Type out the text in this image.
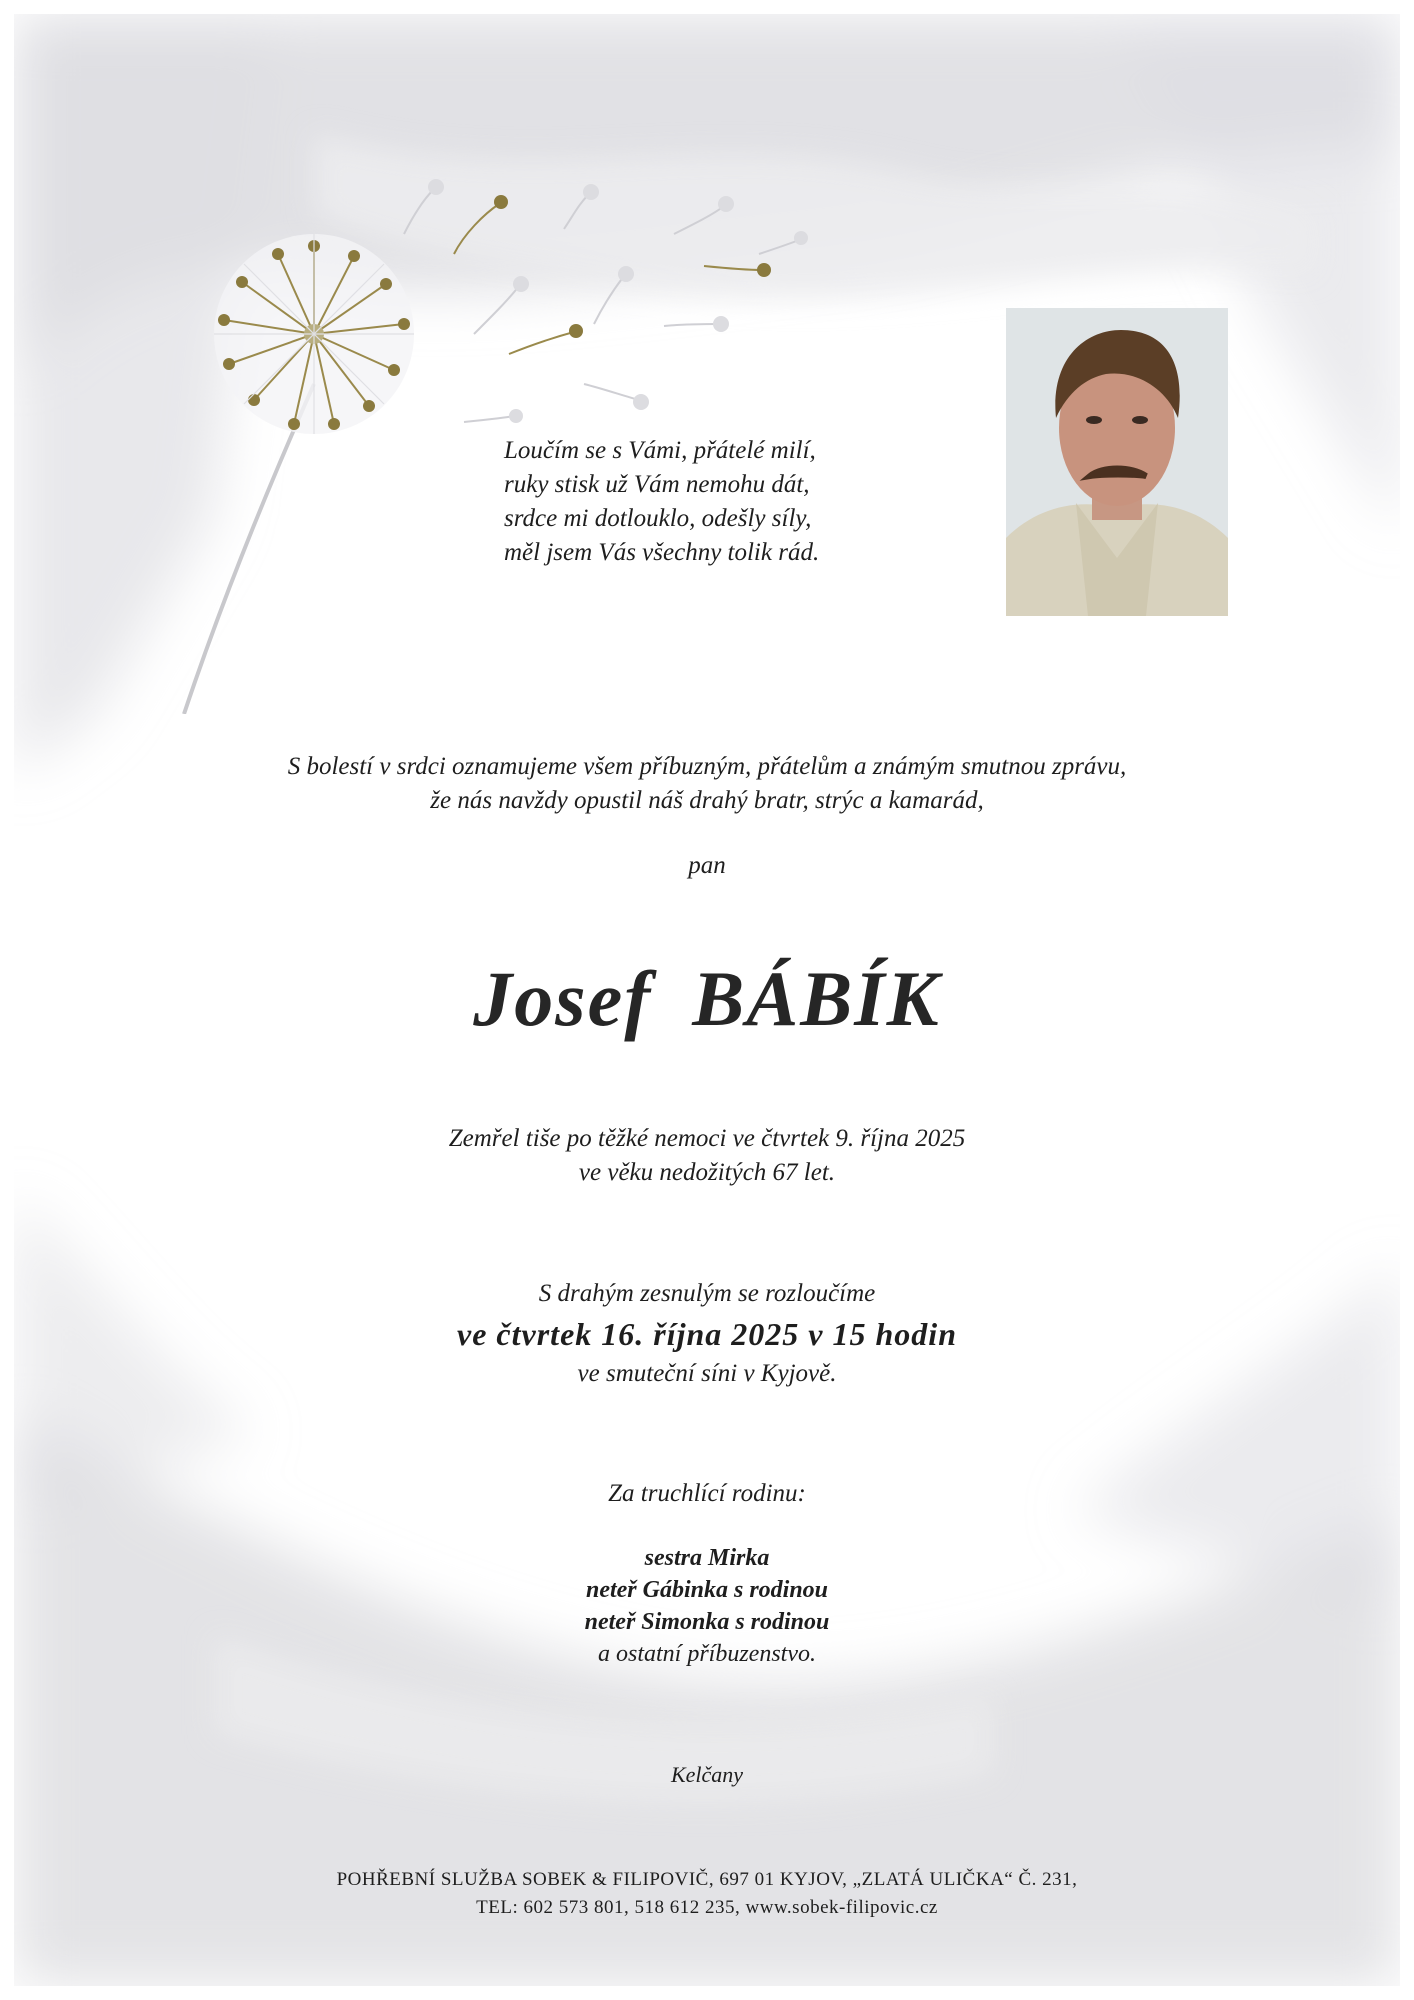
Loučím se s Vámi, přátelé milí,
ruky stisk už Vám nemohu dát,
srdce mi dotlouklo, odešly síly,
měl jsem Vás všechny tolik rád.
S bolestí v srdci oznamujeme všem příbuzným, přátelům a známým smutnou zprávu,
že nás navždy opustil náš drahý bratr, strýc a kamarád,
pan
Josef BÁBÍK
Zemřel tiše po těžké nemoci ve čtvrtek 9. října 2025
ve věku nedožitých 67 let.
S drahým zesnulým se rozloučíme
ve čtvrtek 16. října 2025 v 15 hodin
ve smuteční síni v Kyjově.
Za truchlící rodinu:
sestra Mirka
neteř Gábinka s rodinou
neteř Simonka s rodinou
a ostatní příbuzenstvo.
Kelčany
POHŘEBNÍ SLUŽBA SOBEK & FILIPOVIČ, 697 01 KYJOV, „ZLATÁ ULIČKA“ Č. 231,
TEL: 602 573 801, 518 612 235, www.sobek-filipovic.cz
